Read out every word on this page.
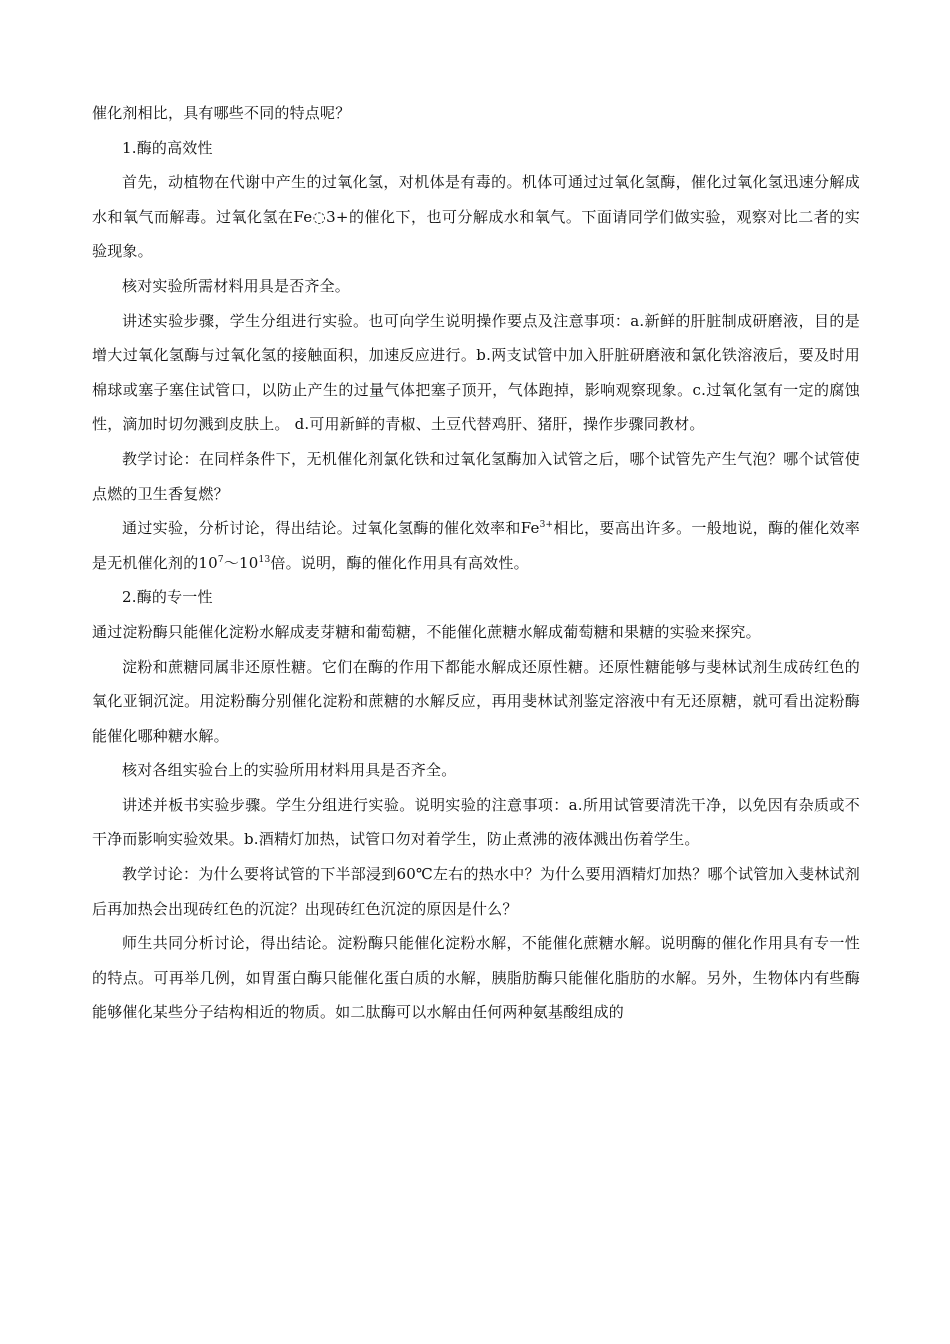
催化剂相比，具有哪些不同的特点呢？

1.酶的高效性

首先，动植物在代谢中产生的过氧化氢，对机体是有毒的。机体可通过过氧化氢酶，催化过氧化氢迅速分解成水和氧气而解毒。过氧化氢在Fe◌3+的催化下，也可分解成水和氧气。下面请同学们做实验，观察对比二者的实验现象。

核对实验所需材料用具是否齐全。

讲述实验步骤，学生分组进行实验。也可向学生说明操作要点及注意事项：a.新鲜的肝脏制成研磨液，目的是增大过氧化氢酶与过氧化氢的接触面积，加速反应进行。b.两支试管中加入肝脏研磨液和氯化铁溶液后，要及时用棉球或塞子塞住试管口，以防止产生的过量气体把塞子顶开，气体跑掉，影响观察现象。c.过氧化氢有一定的腐蚀性，滴加时切勿溅到皮肤上。 d.可用新鲜的青椒、土豆代替鸡肝、猪肝，操作步骤同教材。

教学讨论：在同样条件下，无机催化剂氯化铁和过氧化氢酶加入试管之后，哪个试管先产生气泡？哪个试管使点燃的卫生香复燃？

通过实验，分析讨论，得出结论。过氧化氢酶的催化效率和$Fe^{3+}$相比，要高出许多。一般地说，酶的催化效率是无机催化剂的$10^7\sim 10^{13}$倍。说明，酶的催化作用具有高效性。

2.酶的专一性

通过淀粉酶只能催化淀粉水解成麦芽糖和葡萄糖，不能催化蔗糖水解成葡萄糖和果糖的实验来探究。

淀粉和蔗糖同属非还原性糖。它们在酶的作用下都能水解成还原性糖。还原性糖能够与斐林试剂生成砖红色的氧化亚铜沉淀。用淀粉酶分别催化淀粉和蔗糖的水解反应，再用斐林试剂鉴定溶液中有无还原糖，就可看出淀粉酶能催化哪种糖水解。

核对各组实验台上的实验所用材料用具是否齐全。

讲述并板书实验步骤。学生分组进行实验。说明实验的注意事项：a.所用试管要清洗干净，以免因有杂质或不干净而影响实验效果。b.酒精灯加热，试管口勿对着学生，防止煮沸的液体溅出伤着学生。

教学讨论：为什么要将试管的下半部浸到60℃左右的热水中？为什么要用酒精灯加热？哪个试管加入斐林试剂后再加热会出现砖红色的沉淀？出现砖红色沉淀的原因是什么？

师生共同分析讨论，得出结论。淀粉酶只能催化淀粉水解，不能催化蔗糖水解。说明酶的催化作用具有专一性的特点。可再举几例，如胃蛋白酶只能催化蛋白质的水解，胰脂肪酶只能催化脂肪的水解。另外，生物体内有些酶能够催化某些分子结构相近的物质。如二肽酶可以水解由任何两种氨基酸组成的
